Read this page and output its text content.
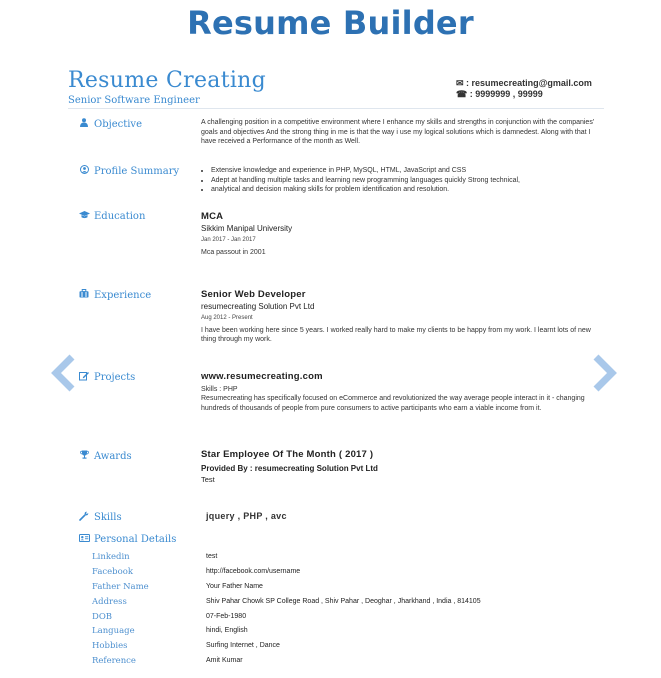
Resume Builder
Resume Creating
Senior Software Engineer
✉ : resumecreating@gmail.com
☎ : 9999999 , 99999
Objective	A challenging position in a competitive environment where I enhance my skills and strengths in conjunction with the companies' goals and objectives And the strong thing in me is that the way i use my logical solutions which is damnedest. Along with that I have received a Performance of the month as Well.
Profile Summary
•	Extensive knowledge and experience in PHP, MySQL, HTML, JavaScript and CSS
• Adept at handling multiple tasks and learning new programming languages quickly Strong technical,
• analytical and decision making skills for problem identification and resolution.
Education	MCA
Sikkim Manipal University
Jan 2017 - Jan 2017
Mca passout in 2001
Experience	Senior Web Developer
resumecreating Solution Pvt Ltd
Aug 2012 - Present
I have been working here since 5 years. I worked really hard to make my clients to be happy from my work. I learnt lots of new thing through my work.
Projects	www.resumecreating.com
Skills : PHP
Resumecreating has specifically focused on eCommerce and revolutionized the way average people interact in it - changing hundreds of thousands of people from pure consumers to active participants who earn a viable income from it.
Awards	Star Employee Of The Month ( 2017 )
Provided By : resumecreating Solution Pvt Ltd
Test
Skills	jquery , PHP , avc
Personal Details
Linkedin	test
Facebook	http://facebook.com/username
Father Name	Your Father Name
Address	Shiv Pahar Chowk SP College Road , Shiv Pahar , Deoghar , Jharkhand , India , 814105
DOB	07-Feb-1980
Language	hindi, English
Hobbies	Surfing Internet , Dance
Reference	Amit Kumar
